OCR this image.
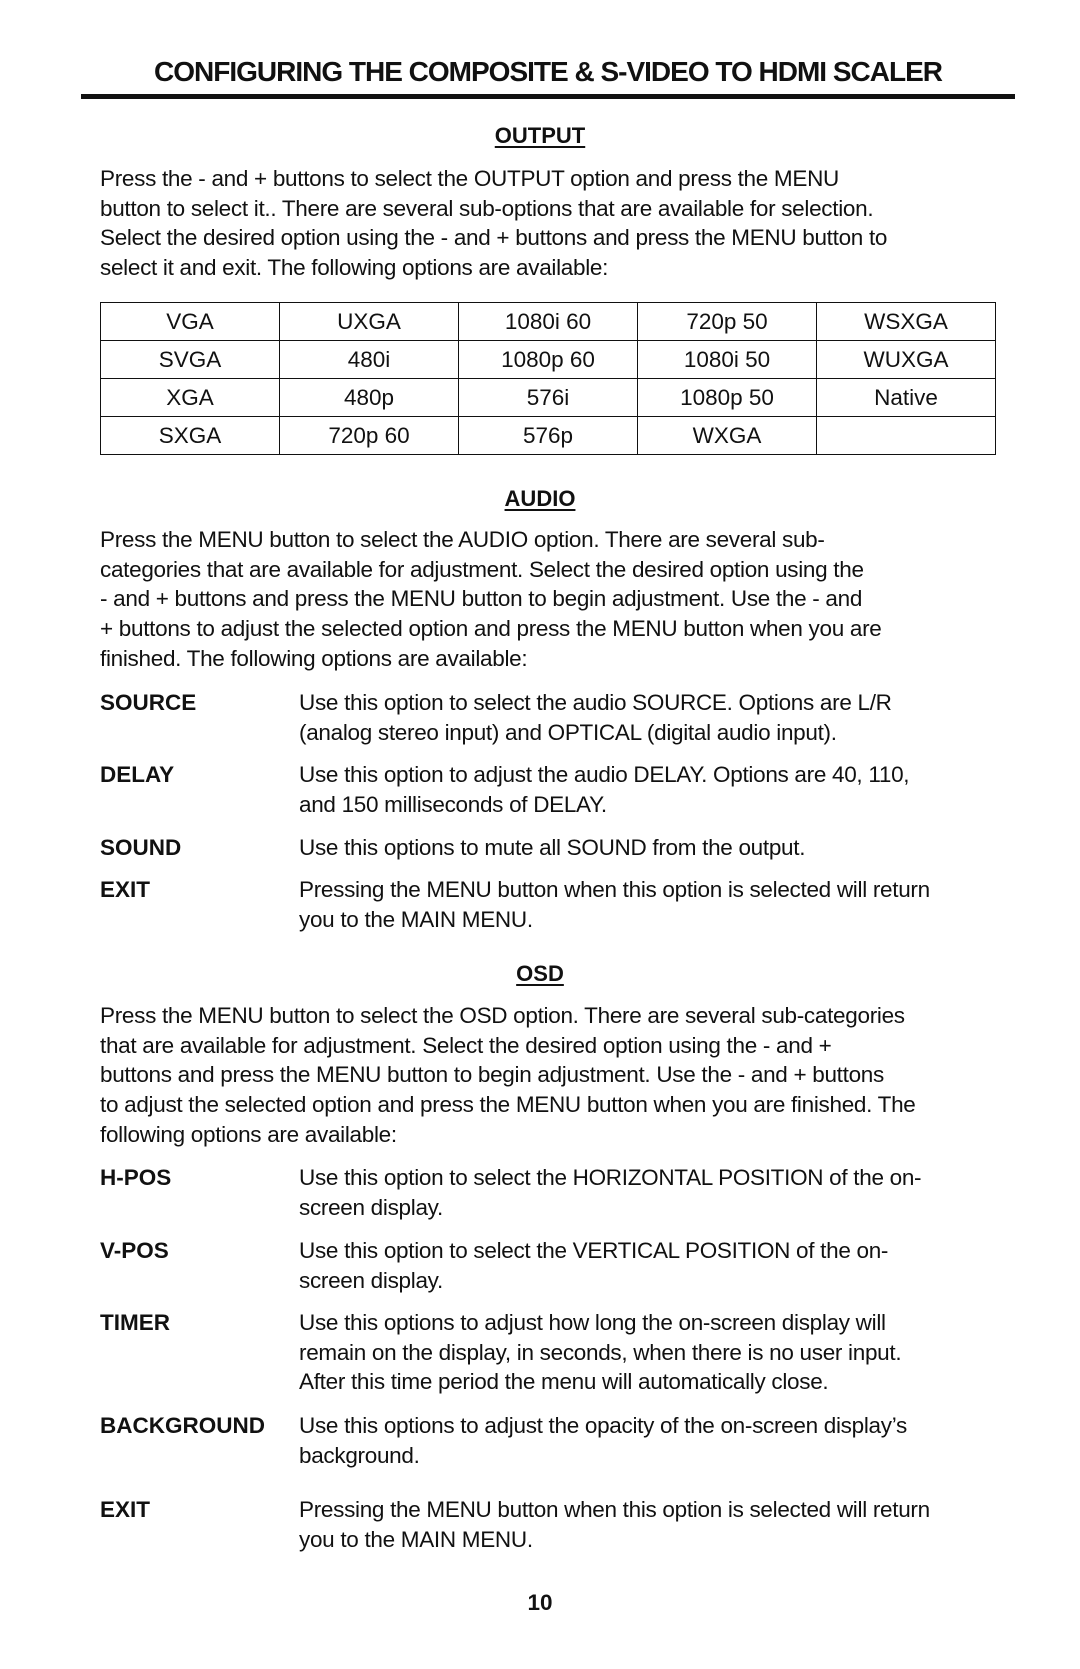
CONFIGURING THE COMPOSITE & S-VIDEO TO HDMI SCALER
OUTPUT
Press the - and + buttons to select the OUTPUT option and press the MENU
button to select it.. There are several sub-options that are available for selection.
Select the desired option using the - and + buttons and press the MENU button to
select it and exit. The following options are available:
VGA	UXGA	1080i 60	720p 50	WSXGA
SVGA	480i	1080p 60	1080i 50	WUXGA
XGA	480p	576i	1080p 50	Native
SXGA	720p 60	576p	WXGA	
AUDIO
Press the MENU button to select the AUDIO option. There are several sub-
categories that are available for adjustment. Select the desired option using the
- and + buttons and press the MENU button to begin adjustment. Use the - and
+ buttons to adjust the selected option and press the MENU button when you are
finished. The following options are available:
SOURCE	Use this option to select the audio SOURCE. Options are L/R
(analog stereo input) and OPTICAL (digital audio input).
DELAY	Use this option to adjust the audio DELAY. Options are 40, 110,
and 150 milliseconds of DELAY.
SOUND	Use this options to mute all SOUND from the output.
EXIT	Pressing the MENU button when this option is selected will return
you to the MAIN MENU.
OSD
Press the MENU button to select the OSD option. There are several sub-categories
that are available for adjustment. Select the desired option using the - and +
buttons and press the MENU button to begin adjustment. Use the - and + buttons
to adjust the selected option and press the MENU button when you are finished. The
following options are available:
H-POS	Use this option to select the HORIZONTAL POSITION of the on-
screen display.
V-POS	Use this option to select the VERTICAL POSITION of the on-
screen display.
TIMER	Use this options to adjust how long the on-screen display will
remain on the display, in seconds, when there is no user input.
After this time period the menu will automatically close.
BACKGROUND Use this options to adjust the opacity of the on-screen display’s
background.
EXIT	Pressing the MENU button when this option is selected will return
you to the MAIN MENU.
10
